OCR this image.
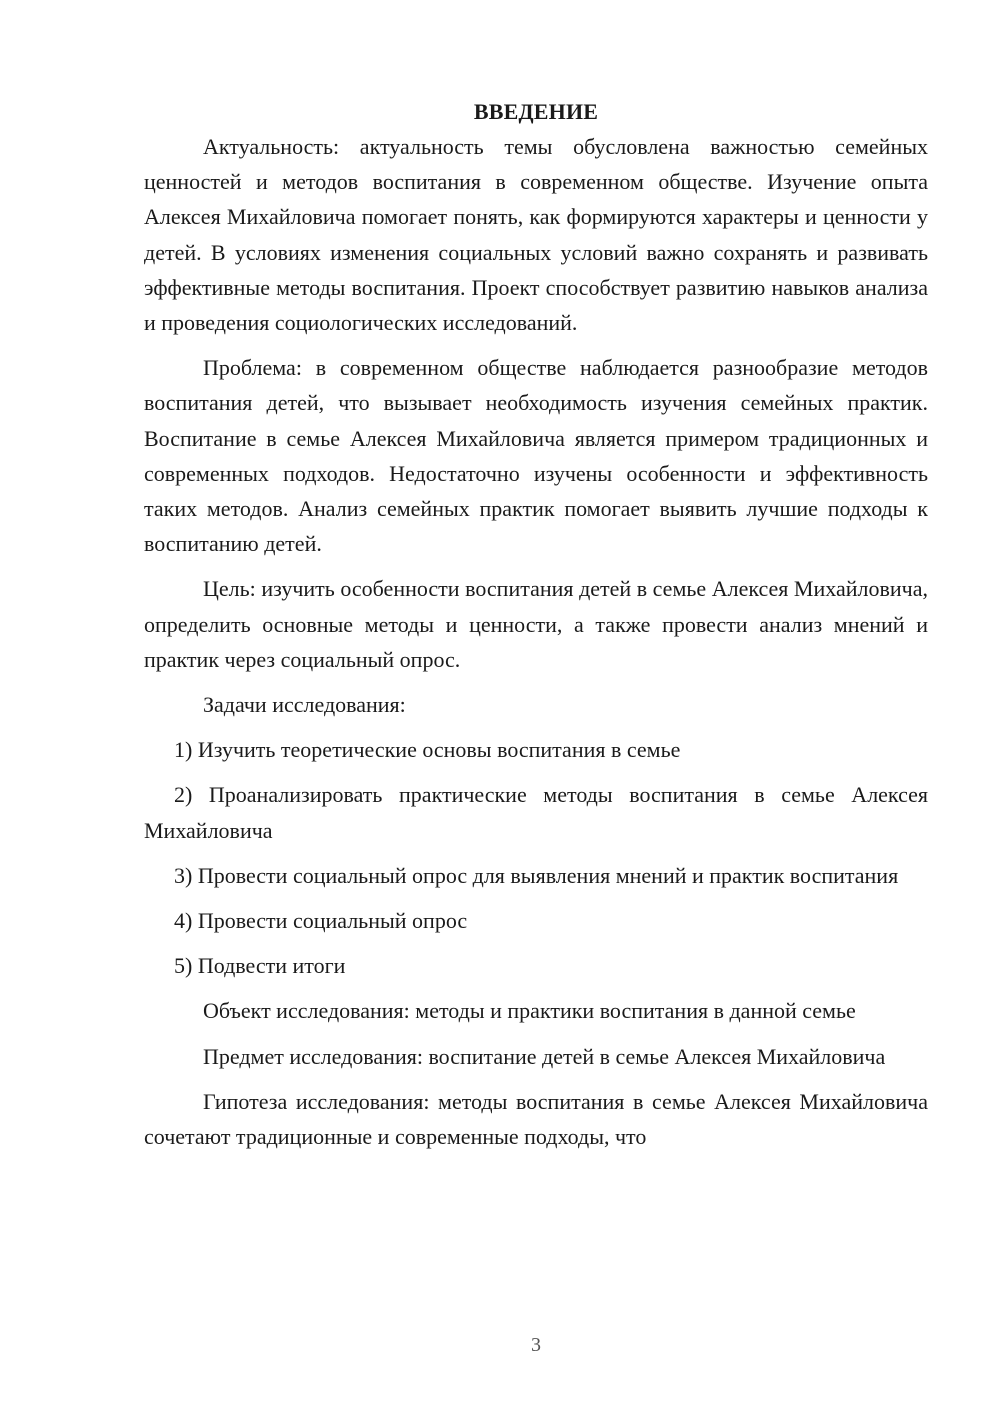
ВВЕДЕНИЕ

Актуальность: актуальность темы обусловлена важностью семейных ценностей и методов воспитания в современном обществе. Изучение опыта Алексея Михайловича помогает понять, как формируются характеры и ценности у детей. В условиях изменения социальных условий важно сохранять и развивать эффективные методы воспитания. Проект способствует развитию навыков анализа и проведения социологических исследований.

Проблема: в современном обществе наблюдается разнообразие методов воспитания детей, что вызывает необходимость изучения семейных практик. Воспитание в семье Алексея Михайловича является примером традиционных и современных подходов. Недостаточно изучены особенности и эффективность таких методов. Анализ семейных практик помогает выявить лучшие подходы к воспитанию детей.

Цель: изучить особенности воспитания детей в семье Алексея Михайловича, определить основные методы и ценности, а также провести анализ мнений и практик через социальный опрос.

Задачи исследования:

1) Изучить теоретические основы воспитания в семье

2) Проанализировать практические методы воспитания в семье Алексея Михайловича

3) Провести социальный опрос для выявления мнений и практик воспитания

4) Провести социальный опрос

5) Подвести итоги

Объект исследования: методы и практики воспитания в данной семье

Предмет исследования: воспитание детей в семье Алексея Михайловича

Гипотеза исследования: методы воспитания в семье Алексея Михайловича сочетают традиционные и современные подходы, что

3
